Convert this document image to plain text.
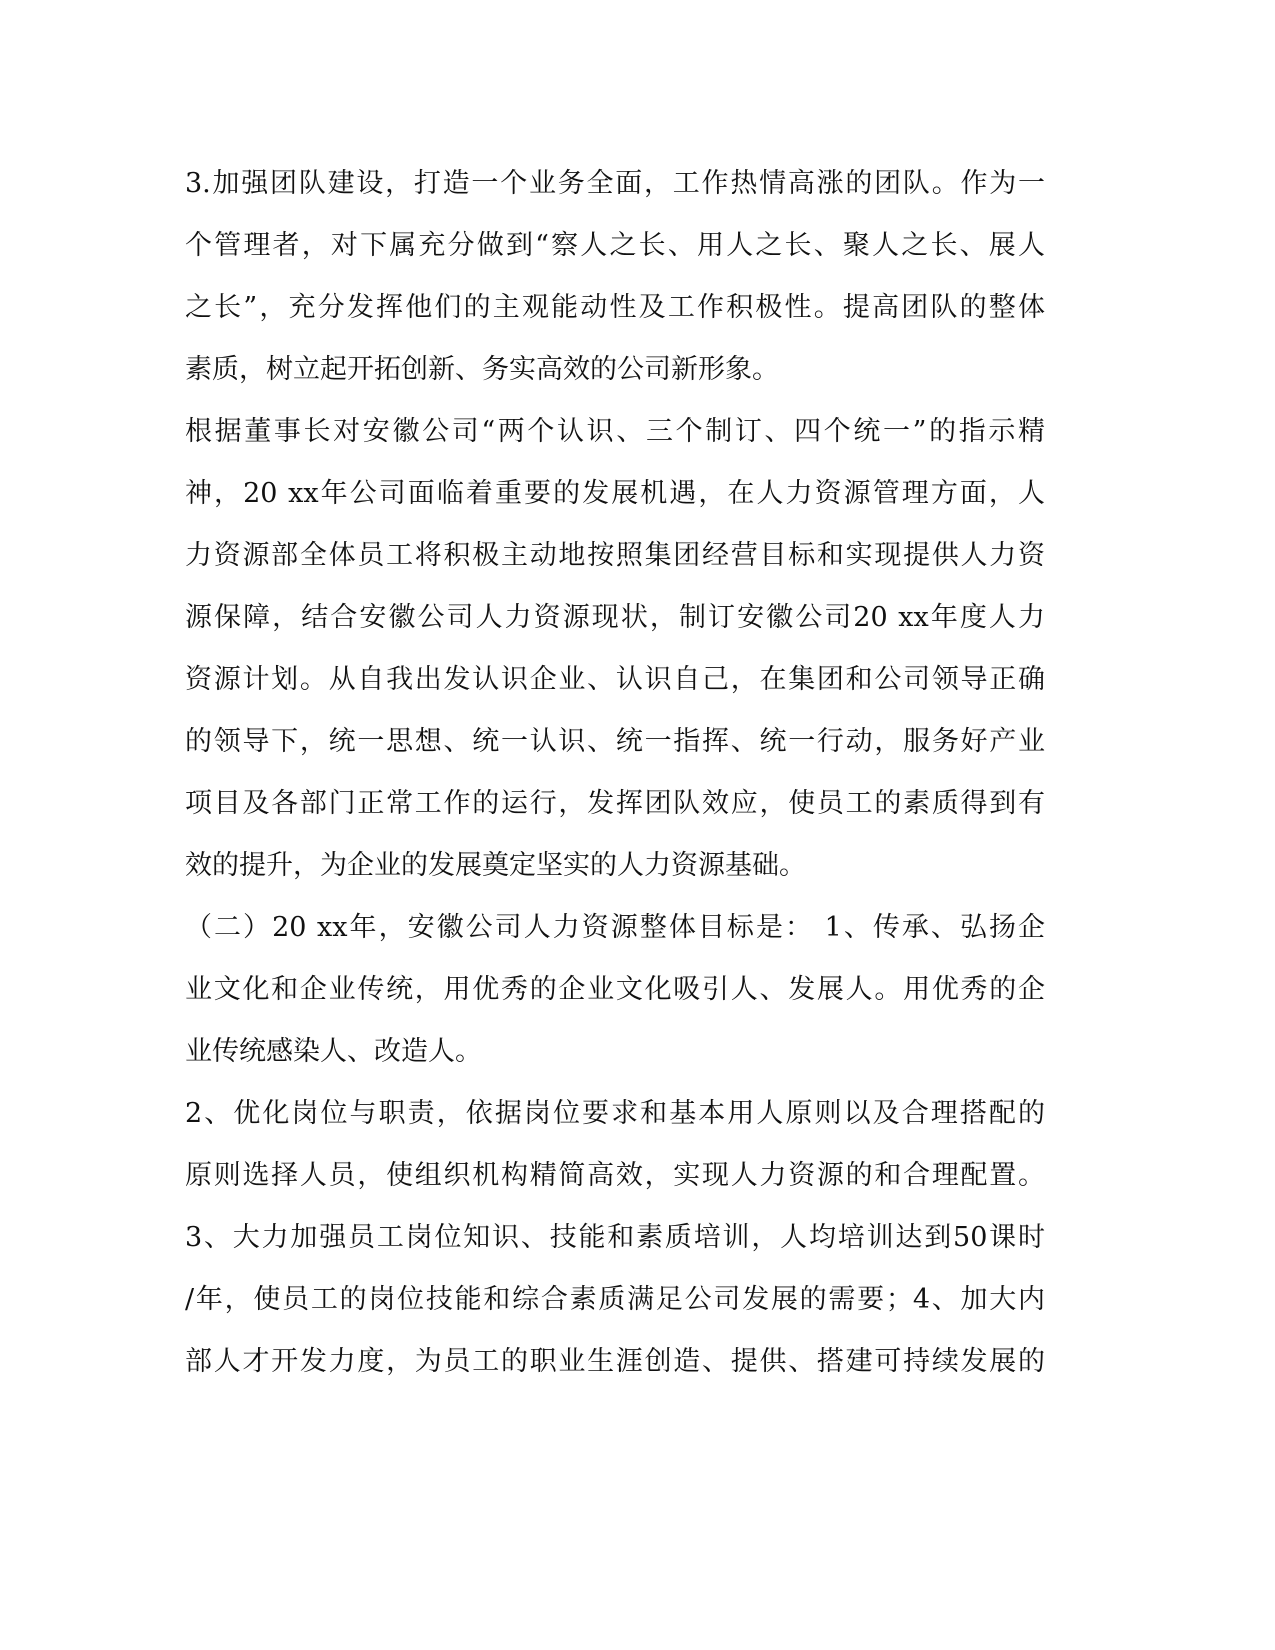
3.加强团队建设，打造一个业务全面，工作热情高涨的团队。作为一
个管理者，对下属充分做到“察人之长、用人之长、聚人之长、展人
之长”，充分发挥他们的主观能动性及工作积极性。提高团队的整体
素质，树立起开拓创新、务实高效的公司新形象。
根据董事长对安徽公司“两个认识、三个制订、四个统一”的指示精
神，20 xx年公司面临着重要的发展机遇，在人力资源管理方面，人
力资源部全体员工将积极主动地按照集团经营目标和实现提供人力资
源保障，结合安徽公司人力资源现状，制订安徽公司20 xx年度人力
资源计划。从自我出发认识企业、认识自己，在集团和公司领导正确
的领导下，统一思想、统一认识、统一指挥、统一行动，服务好产业
项目及各部门正常工作的运行，发挥团队效应，使员工的素质得到有
效的提升，为企业的发展奠定坚实的人力资源基础。
（二）20 xx年，安徽公司人力资源整体目标是： 1、传承、弘扬企
业文化和企业传统，用优秀的企业文化吸引人、发展人。用优秀的企
业传统感染人、改造人。
2、优化岗位与职责，依据岗位要求和基本用人原则以及合理搭配的
原则选择人员，使组织机构精简高效，实现人力资源的和合理配置。
3、大力加强员工岗位知识、技能和素质培训，人均培训达到50课时
/年，使员工的岗位技能和综合素质满足公司发展的需要；4、加大内
部人才开发力度，为员工的职业生涯创造、提供、搭建可持续发展的
